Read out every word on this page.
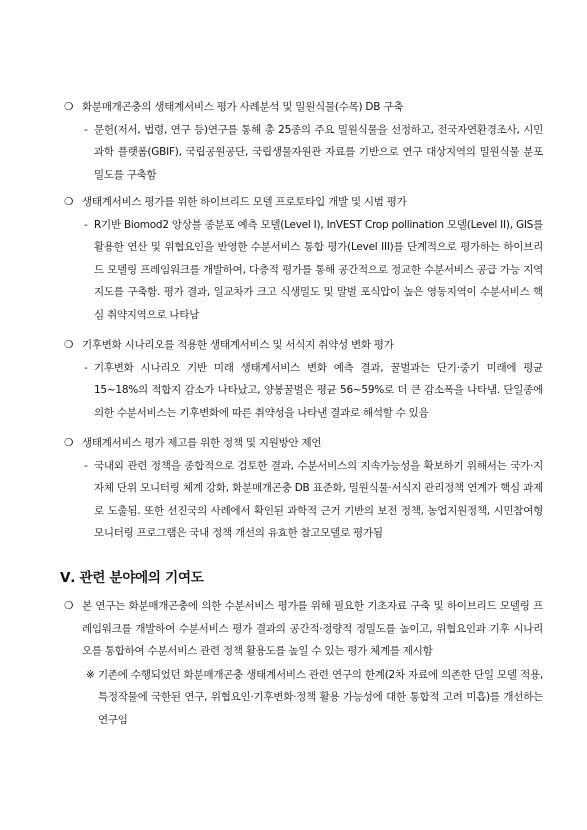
❍ 화분매개곤충의 생태계서비스 평가 사례분석 및 밀원식물(수목) DB 구축
- 문헌(저서, 법령, 연구 등)연구를 통해 총 25종의 주요 밀원식물을 선정하고, 전국자연환경조사, 시민과학 플랫폼(GBIF), 국립공원공단, 국립생물자원관 자료를 기반으로 연구 대상지역의 밀원식물 분포밀도를 구축함
❍ 생태계서비스 평가를 위한 하이브리드 모델 프로토타입 개발 및 시범 평가
- R기반 Biomod2 앙상블 종분포 예측 모델(Level I), InVEST Crop pollination 모델(Level II), GIS를 활용한 연산 및 위협요인을 반영한 수분서비스 통합 평가(Level III)를 단계적으로 평가하는 하이브리드 모델링 프레임워크를 개발하여, 다층적 평가를 통해 공간적으로 정교한 수분서비스 공급 가능 지역 지도를 구축함. 평가 결과, 일교차가 크고 식생밀도 및 말벌 포식압이 높은 영동지역이 수분서비스 핵심 취약지역으로 나타남
❍ 기후변화 시나리오를 적용한 생태계서비스 및 서식지 취약성 변화 평가
- 기후변화 시나리오 기반 미래 생태계서비스 변화 예측 결과, 꿀벌과는 단기·중기 미래에 평균 15~18%의 적합지 감소가 나타났고, 양봉꿀벌은 평균 56~59%로 더 큰 감소폭을 나타냄. 단일종에 의한 수분서비스는 기후변화에 따른 취약성을 나타낸 결과로 해석할 수 있음
❍ 생태계서비스 평가 제고를 위한 정책 및 지원방안 제언
- 국내외 관련 정책을 종합적으로 검토한 결과, 수분서비스의 지속가능성을 확보하기 위해서는 국가·지자체 단위 모니터링 체계 강화, 화분매개곤충 DB 표준화, 밀원식물·서식지 관리정책 연계가 핵심 과제로 도출됨. 또한 선진국의 사례에서 확인된 과학적 근거 기반의 보전 정책, 농업지원정책, 시민참여형 모니터링 프로그램은 국내 정책 개선의 유효한 참고모델로 평가됨
Ⅴ. 관련 분야에의 기여도
❍ 본 연구는 화분매개곤충에 의한 수분서비스 평가를 위해 필요한 기초자료 구축 및 하이브리드 모델링 프레임워크를 개발하여 수분서비스 평가 결과의 공간적·정량적 정밀도를 높이고, 위협요인과 기후 시나리오를 통합하여 수분서비스 관련 정책 활용도를 높일 수 있는 평가 체계를 제시함
※ 기존에 수행되었던 화분매개곤충 생태계서비스 관련 연구의 한계(2차 자료에 의존한 단일 모델 적용, 특정작물에 국한된 연구, 위협요인·기후변화·정책 활용 가능성에 대한 통합적 고려 미흡)를 개선하는 연구임
